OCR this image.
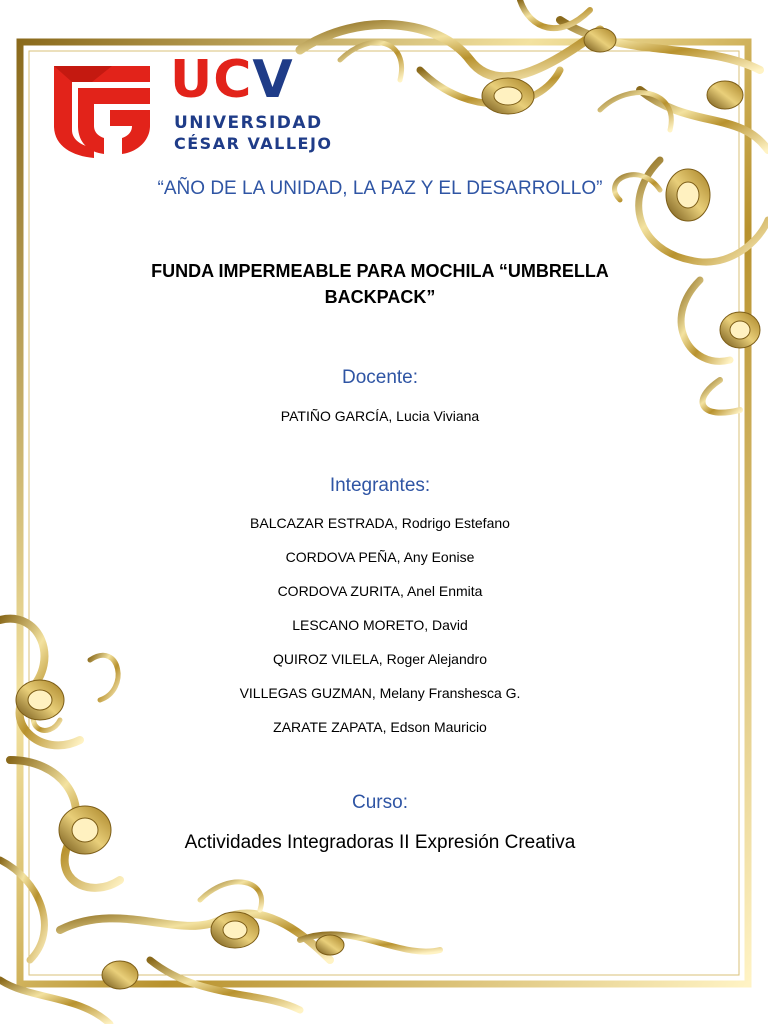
UCV
UNIVERSIDAD
CÉSAR VALLEJO
“AÑO DE LA UNIDAD, LA PAZ Y EL DESARROLLO”
FUNDA IMPERMEABLE PARA MOCHILA “UMBRELLA BACKPACK”
Docente:
PATIÑO GARCÍA, Lucia Viviana
Integrantes:
BALCAZAR ESTRADA, Rodrigo Estefano
CORDOVA PEÑA, Any Eonise
CORDOVA ZURITA, Anel Enmita
LESCANO MORETO, David
QUIROZ VILELA, Roger Alejandro
VILLEGAS GUZMAN, Melany Franshesca G.
ZARATE ZAPATA, Edson Mauricio
Curso:
Actividades Integradoras II Expresión Creativa
